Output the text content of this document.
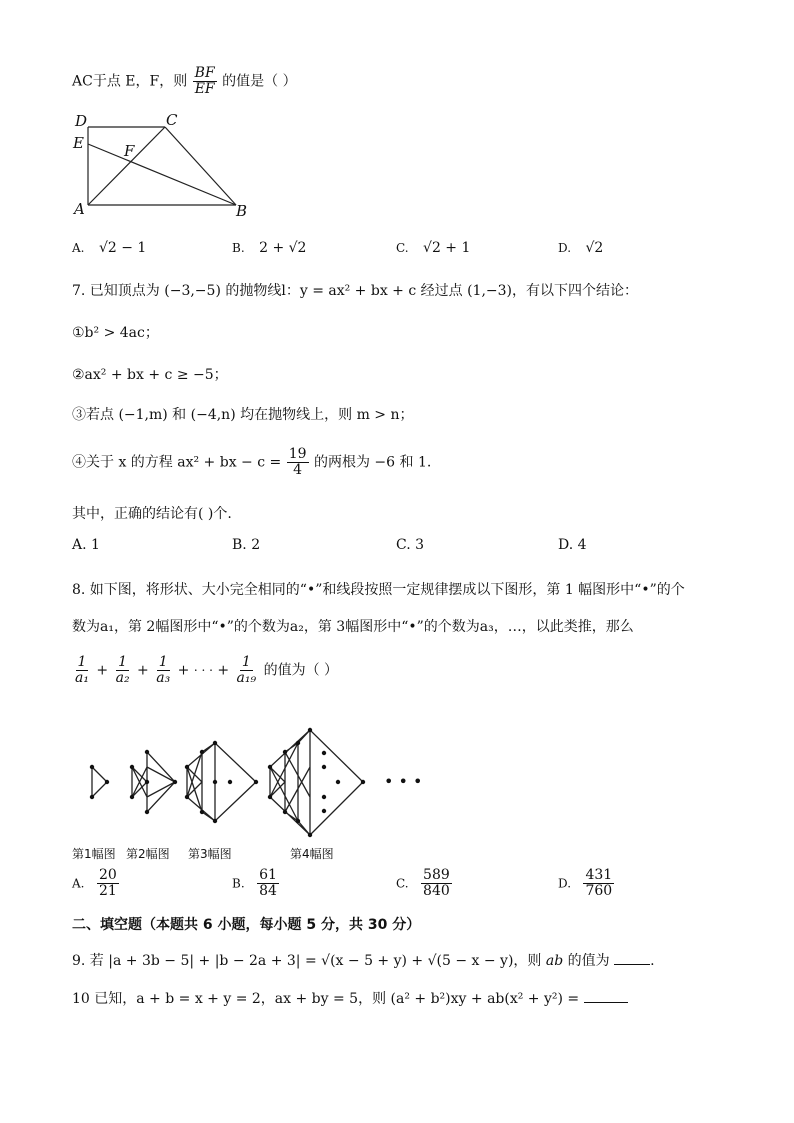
AC于点 E，F，则 $\frac{BF}{EF}$ 的值是（ ）
D	C
E	F
A	B
A. √2 − 1	B. 2 + √2	C. √2 + 1	D. √2
7. 已知顶点为 (−3,−5) 的抛物线l：y = ax² + bx + c 经过点 (1,−3)，有以下四个结论：
①b² > 4ac；
②ax² + bx + c ≥ −5；
③若点 (−1,m) 和 (−4,n) 均在抛物线上，则 m > n；
④关于 x 的方程 ax² + bx − $c = \frac{19}{4}$ 的两根为 −6 和 1.
其中，正确的结论有( )个.
A. 1	B. 2	C. 3	D. 4
8. 如下图，将形状、大小完全相同的“•”和线段按照一定规律摆成以下图形，第 1 幅图形中“•”的个
数为a₁，第 2幅图形中“•”的个数为a₂，第 3幅图形中“•”的个数为a₃，…，以此类推，那么
$\frac{1}{\text{a₁}} + \frac{1}{\text{a₂}} + \frac{1}{\text{a₃}}$ + · · · + $\frac{1}{\text{a₁₉}}$ 的值为（ ）
• • •
第1幅图 第2幅图 第3幅图	第4幅图
A. $\frac{20}{21}$	B. $\frac{61}{84}$	C. $\frac{589}{840}$	D. $\frac{431}{760}$
二、填空题（本题共 6 小题，每小题 5 分，共 30 分）
9. 若 |a + 3b − 5| + |b − 2a + 3| = √(x − 5 + y) + √(5 − x − y)，则 ab 的值为	.
10 已知，a + b = x + y = 2，ax + by = 5，则 (a² + b²)xy + ab(x² + y²) =
